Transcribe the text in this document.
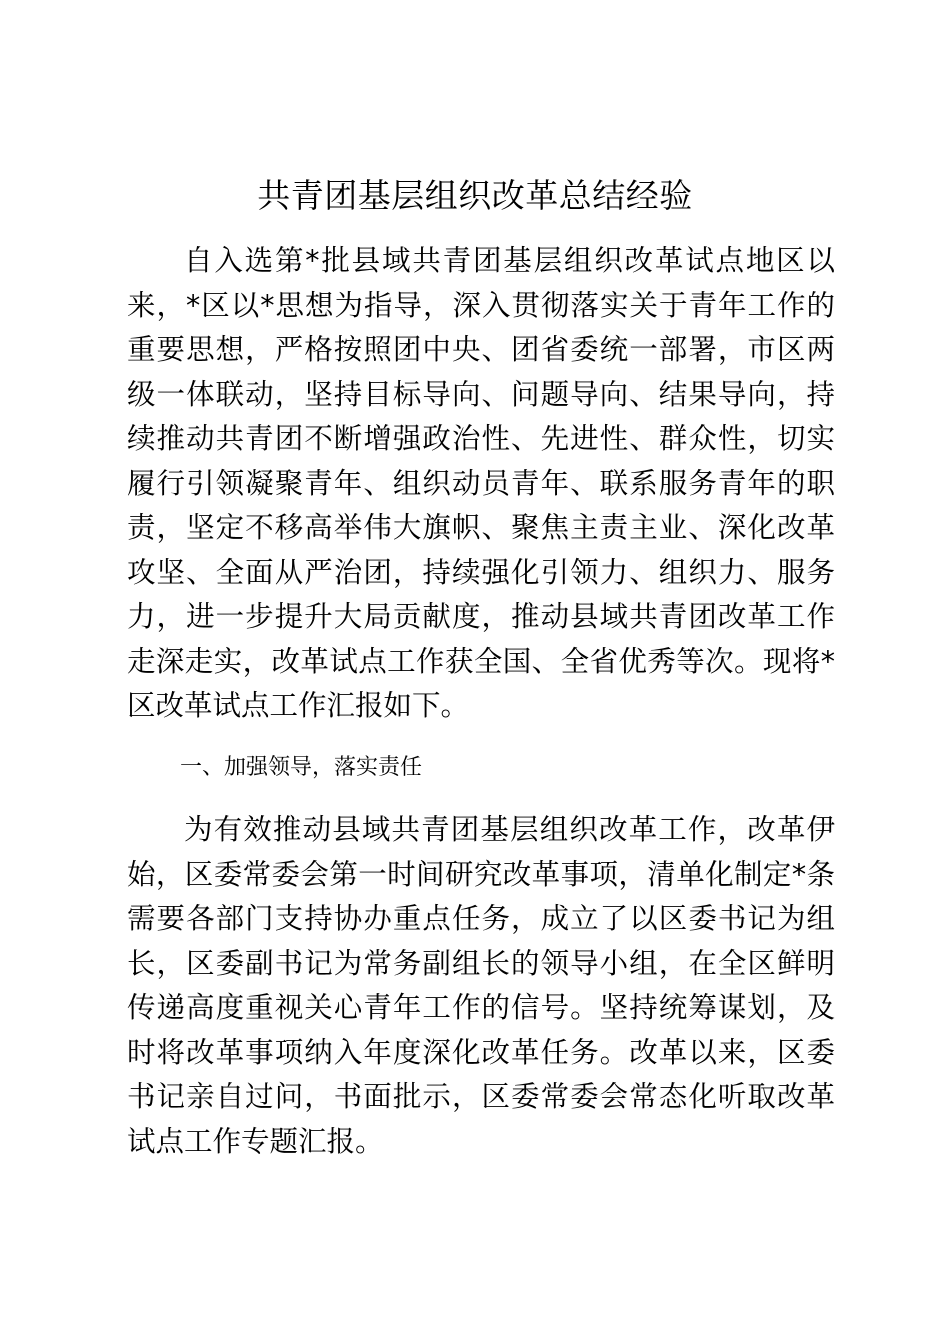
共青团基层组织改革总结经验

自入选第*批县域共青团基层组织改革试点地区以来，*区以*思想为指导，深入贯彻落实关于青年工作的重要思想，严格按照团中央、团省委统一部署，市区两级一体联动，坚持目标导向、问题导向、结果导向，持续推动共青团不断增强政治性、先进性、群众性，切实履行引领凝聚青年、组织动员青年、联系服务青年的职责，坚定不移高举伟大旗帜、聚焦主责主业、深化改革攻坚、全面从严治团，持续强化引领力、组织力、服务力，进一步提升大局贡献度，推动县域共青团改革工作走深走实，改革试点工作获全国、全省优秀等次。现将*区改革试点工作汇报如下。

一、加强领导，落实责任

为有效推动县域共青团基层组织改革工作，改革伊始，区委常委会第一时间研究改革事项，清单化制定*条需要各部门支持协办重点任务，成立了以区委书记为组长，区委副书记为常务副组长的领导小组，在全区鲜明传递高度重视关心青年工作的信号。坚持统筹谋划，及时将改革事项纳入年度深化改革任务。改革以来，区委书记亲自过问，书面批示，区委常委会常态化听取改革试点工作专题汇报。
